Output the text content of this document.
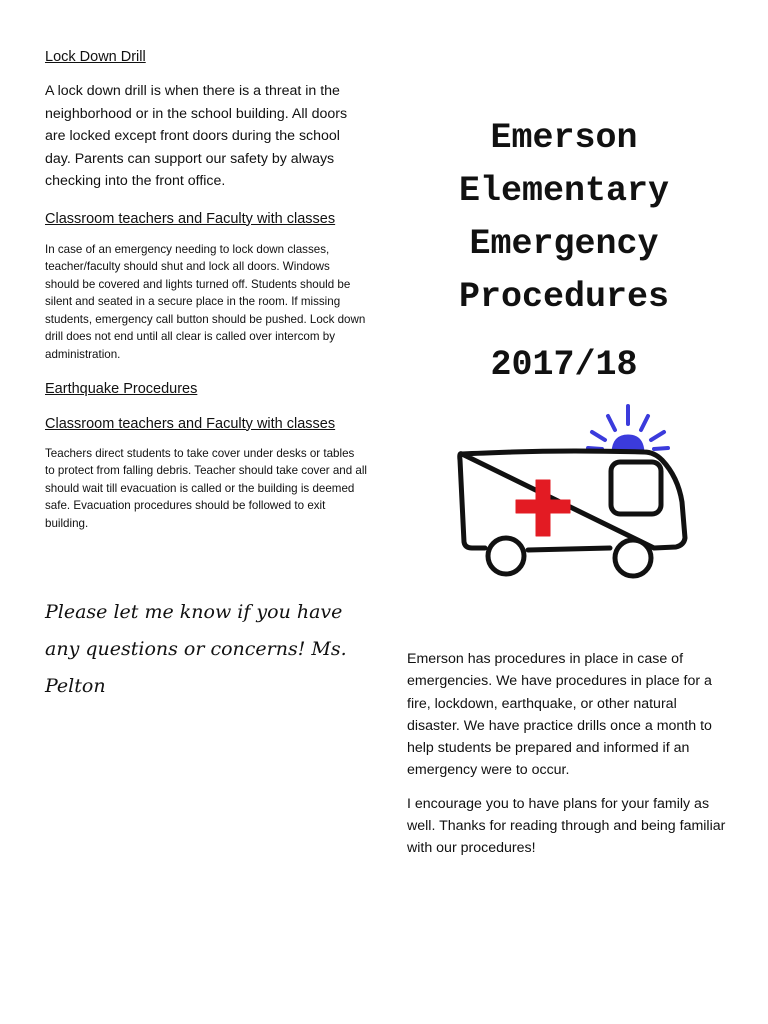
Lock Down Drill

A lock down drill is when there is a threat in the neighborhood or in the school building. All doors are locked except front doors during the school day. Parents can support our safety by always checking into the front office.

Classroom teachers and Faculty with classes

In case of an emergency needing to lock down classes, teacher/faculty should shut and lock all doors. Windows should be covered and lights turned off. Students should be silent and seated in a secure place in the room. If missing students, emergency call button should be pushed. Lock down drill does not end until all clear is called over intercom by administration.

Earthquake Procedures

Classroom teachers and Faculty with classes

Teachers direct students to take cover under desks or tables to protect from falling debris. Teacher should take cover and all should wait till evacuation is called or the building is deemed safe. Evacuation procedures should be followed to exit building.

Please let me know if you have any questions or concerns! Ms. Pelton

Emerson
Elementary
Emergency
Procedures
2017/18

Emerson has procedures in place in case of emergencies. We have procedures in place for a fire, lockdown, earthquake, or other natural disaster. We have practice drills once a month to help students be prepared and informed if an emergency were to occur.

I encourage you to have plans for your family as well. Thanks for reading through and being familiar with our procedures!
